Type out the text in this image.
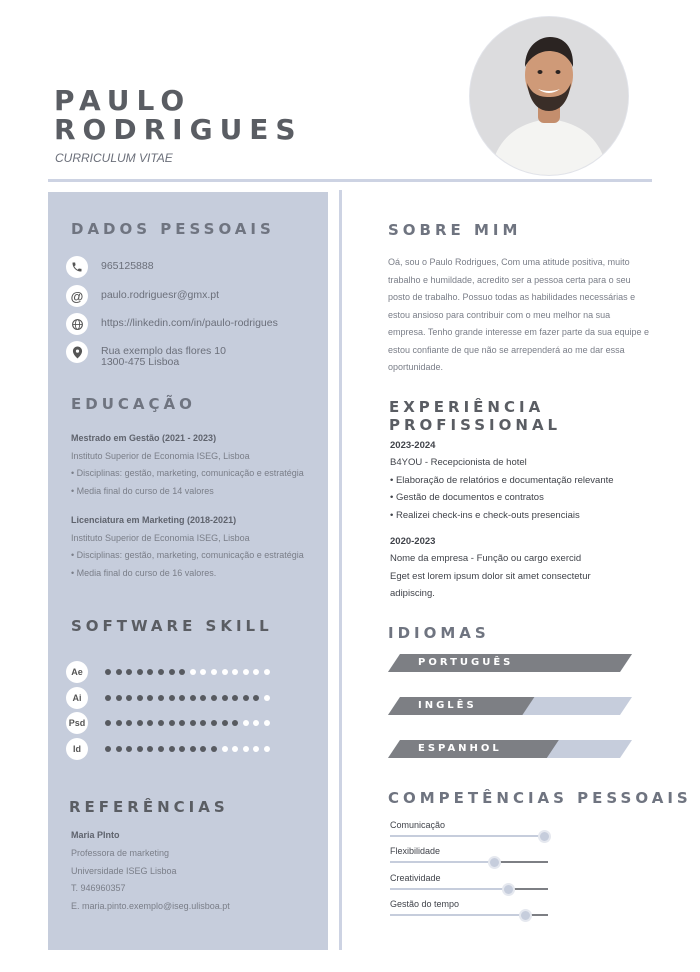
PAULO
RODRIGUES
CURRICULUM VITAE
DADOS PESSOAIS
965125888
@ paulo.rodriguesr@gmx.pt
https://linkedin.com/in/paulo-rodrigues
Rua exemplo das flores 10
1300-475 Lisboa
EDUCAÇÃO
Mestrado em Gestão (2021 - 2023)
Instituto Superior de Economia ISEG, Lisboa
• Disciplinas: gestão, marketing, comunicação e estratégia
• Media final do curso de 14 valores
Licenciatura em Marketing (2018-2021)
Instituto Superior de Economia ISEG, Lisboa
• Disciplinas: gestão, marketing, comunicação e estratégia
• Media final do curso de 16 valores.
SOFTWARE SKILL
Ae
Ai
Psd
Id
REFERÊNCIAS
Maria PInto
Professora de marketing
Universidade ISEG Lisboa
T. 946960357
E. maria.pinto.exemplo@iseg.ulisboa.pt
SOBRE MIM
Oá, sou o Paulo Rodrigues, Com uma atitude positiva, muito trabalho e humildade, acredito ser a pessoa certa para o seu posto de trabalho. Possuo todas as habilidades necessárias e estou ansioso para contribuir com o meu melhor na sua empresa. Tenho grande interesse em fazer parte da sua equipe e estou confiante de que não se arrependerá ao me dar essa oportunidade.
EXPERIÊNCIA PROFISSIONAL
2023-2024
B4YOU - Recepcionista de hotel
• Elaboração de relatórios e documentação relevante
• Gestão de documentos e contratos
• Realizei check-ins e check-outs presenciais
2020-2023
Nome da empresa - Função ou cargo exercid
Eget est lorem ipsum dolor sit amet consectetur
adipiscing.
IDIOMAS
PORTUGUÊS
INGLÊS
ESPANHOL
COMPETÊNCIAS PESSOAIS
Comunicação
Flexibilidade
Creatividade
Gestão do tempo
